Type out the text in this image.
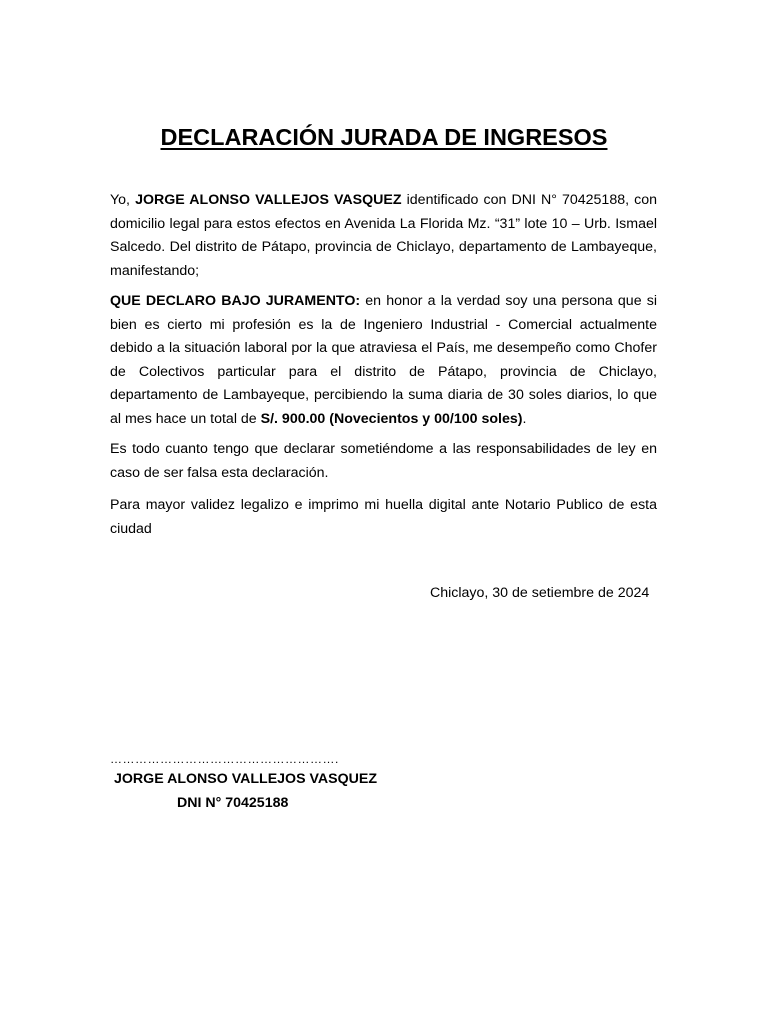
DECLARACIÓN JURADA DE INGRESOS

Yo, JORGE ALONSO VALLEJOS VASQUEZ identificado con DNI N° 70425188, con domicilio legal para estos efectos en Avenida La Florida Mz. “31” lote 10 – Urb. Ismael Salcedo. Del distrito de Pátapo, provincia de Chiclayo, departamento de Lambayeque, manifestando;

QUE DECLARO BAJO JURAMENTO: en honor a la verdad soy una persona que si bien es cierto mi profesión es la de Ingeniero Industrial - Comercial actualmente debido a la situación laboral por la que atraviesa el País, me desempeño como Chofer de Colectivos particular para el distrito de Pátapo, provincia de Chiclayo, departamento de Lambayeque, percibiendo la suma diaria de 30 soles diarios, lo que al mes hace un total de S/. 900.00 (Novecientos y 00/100 soles).

Es todo cuanto tengo que declarar sometiéndome a las responsabilidades de ley en caso de ser falsa esta declaración.

Para mayor validez legalizo e imprimo mi huella digital ante Notario Publico de esta ciudad

Chiclayo, 30 de setiembre de 2024

……………………………………………….

JORGE ALONSO VALLEJOS VASQUEZ

DNI N° 70425188
